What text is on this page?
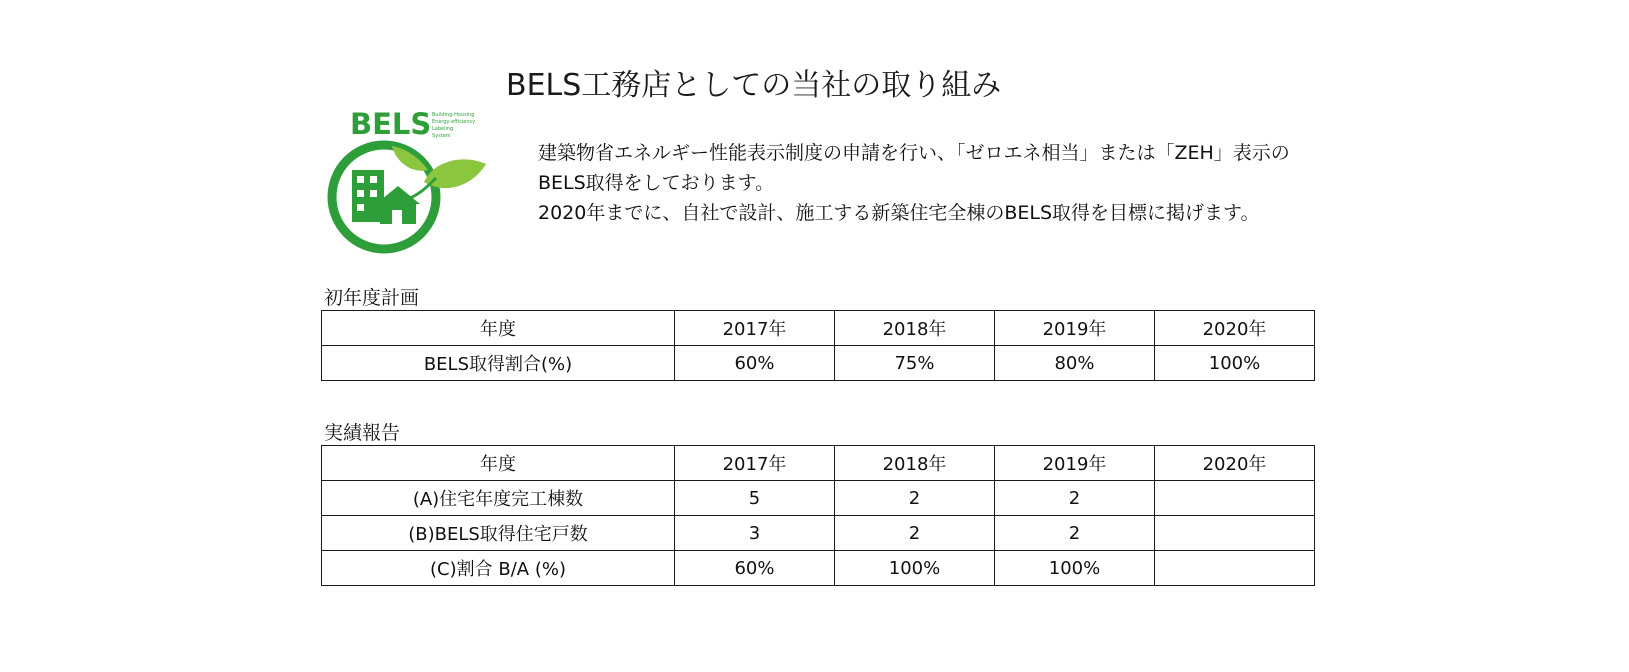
BELS工務店としての当社の取り組み
BELS Building-Housing
Energy-efficiency
Labeling
System
建築物省エネルギー性能表示制度の申請を行い、「ゼロエネ相当」または「ZEH」表示の
BELS取得をしております。
2020年までに、自社で設計、施工する新築住宅全棟のBELS取得を目標に掲げます。
初年度計画
年度	2017年	2018年	2019年	2020年
BELS取得割合(%)	60%	75%	80%	100%
実績報告
年度	2017年	2018年	2019年	2020年
(A)住宅年度完工棟数	5	2	2	
(B)BELS取得住宅戸数	3	2	2	
(C)割合 B/A (%)	60%	100%	100%	
